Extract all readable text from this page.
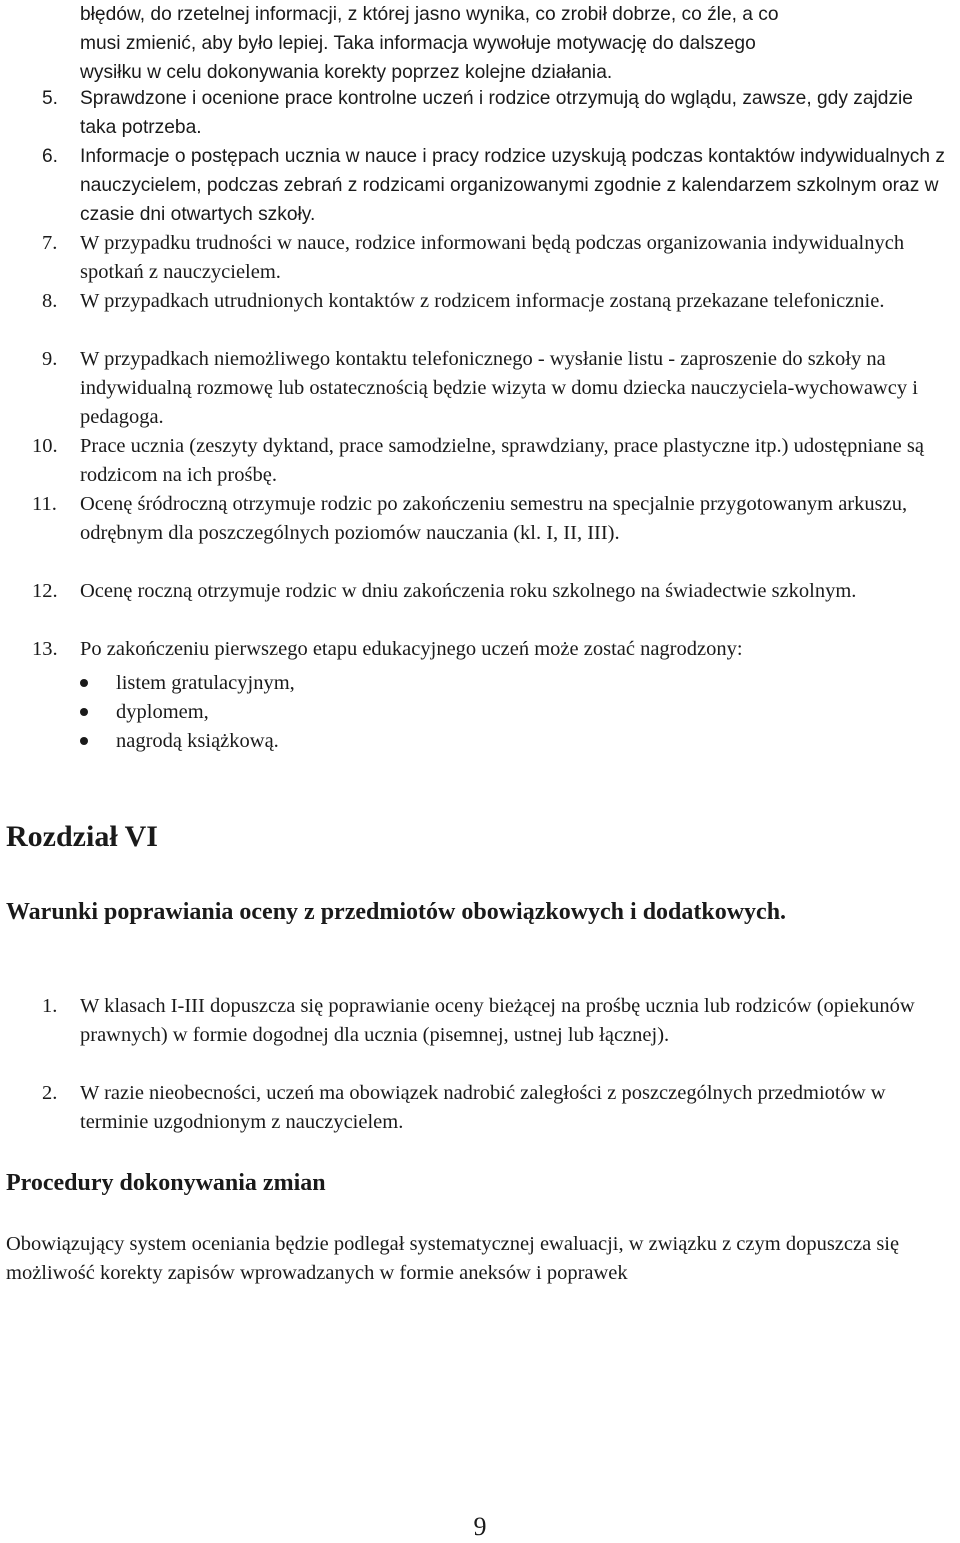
błędów, do rzetelnej informacji, z której jasno wynika, co zrobił dobrze, co źle, a co
musi zmienić, aby było lepiej. Taka informacja wywołuje motywację do dalszego
wysiłku w celu dokonywania korekty poprzez kolejne działania.
5. Sprawdzone i ocenione prace kontrolne uczeń i rodzice otrzymują do wglądu, zawsze, gdy zajdzie taka potrzeba.
6. Informacje o postępach ucznia w nauce i pracy rodzice uzyskują podczas kontaktów indywidualnych z nauczycielem, podczas zebrań z rodzicami organizowanymi zgodnie z kalendarzem szkolnym oraz w czasie dni otwartych szkoły.
7. W przypadku trudności w nauce, rodzice informowani będą podczas organizowania indywidualnych spotkań z nauczycielem.
8. W przypadkach utrudnionych kontaktów z rodzicem informacje zostaną przekazane telefonicznie.
9. W przypadkach niemożliwego kontaktu telefonicznego - wysłanie listu - zaproszenie do szkoły na indywidualną rozmowę lub ostatecznością będzie wizyta w domu dziecka nauczyciela-wychowawcy i pedagoga.
10. Prace ucznia (zeszyty dyktand, prace samodzielne, sprawdziany, prace plastyczne itp.) udostępniane są rodzicom na ich prośbę.
11. Ocenę śródroczną otrzymuje rodzic po zakończeniu semestru na specjalnie przygotowanym arkuszu, odrębnym dla poszczególnych poziomów nauczania (kl. I, II, III).
12. Ocenę roczną otrzymuje rodzic w dniu zakończenia roku szkolnego na świadectwie szkolnym.
13. Po zakończeniu pierwszego etapu edukacyjnego uczeń może zostać nagrodzony:
listem gratulacyjnym,
dyplomem,
nagrodą książkową.
Rozdział VI
Warunki poprawiania oceny z przedmiotów obowiązkowych i dodatkowych.
1. W klasach I-III dopuszcza się poprawianie oceny bieżącej na prośbę ucznia lub rodziców (opiekunów prawnych) w formie dogodnej dla ucznia (pisemnej, ustnej lub łącznej).
2. W razie nieobecności, uczeń ma obowiązek nadrobić zaległości z poszczególnych przedmiotów w terminie uzgodnionym z nauczycielem.
Procedury dokonywania zmian

Obowiązujący system oceniania będzie podlegał systematycznej ewaluacji, w związku z czym dopuszcza się możliwość korekty zapisów wprowadzanych w formie aneksów i poprawek

9
